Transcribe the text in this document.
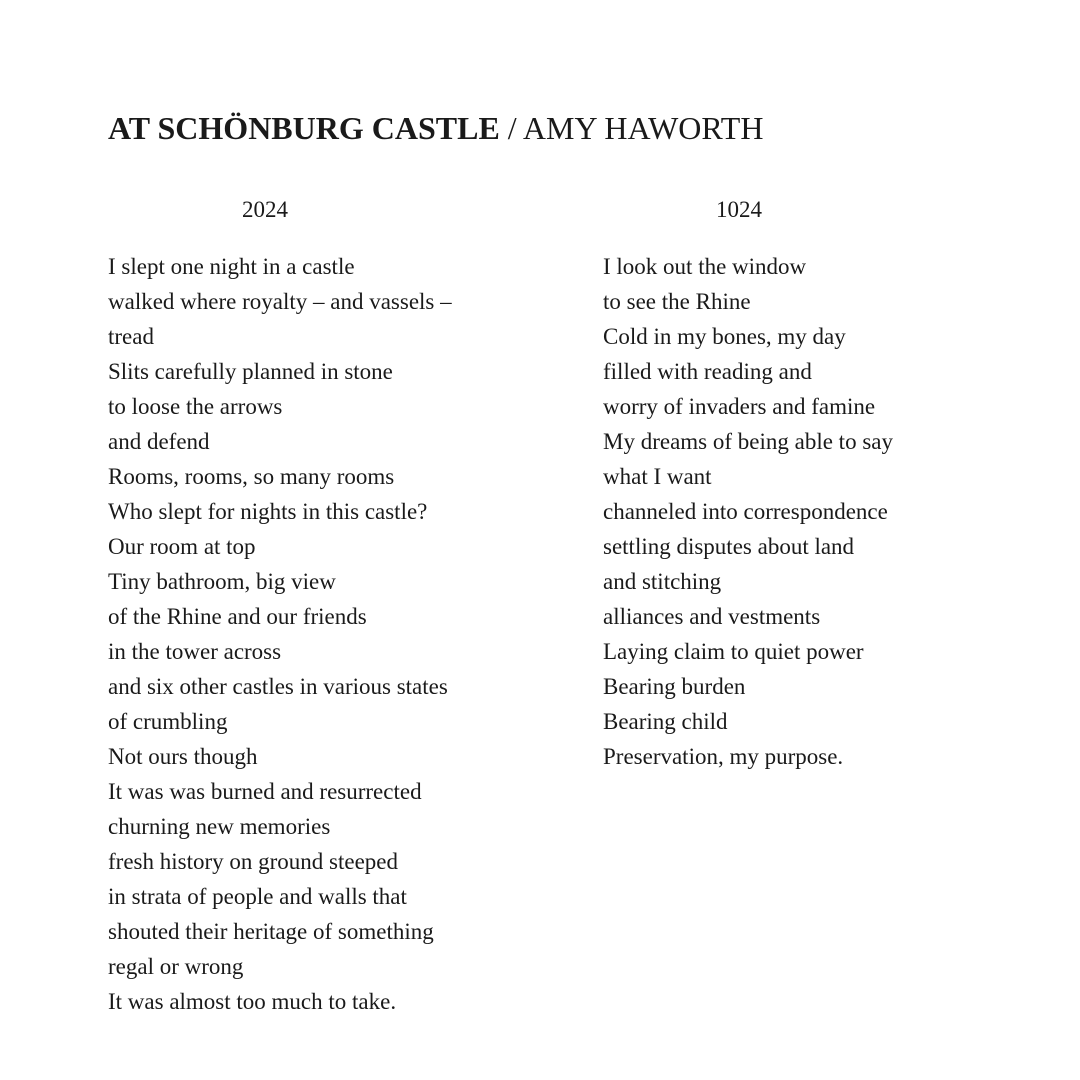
AT SCHÖNBURG CASTLE / AMY HAWORTH
2024
I slept one night in a castle
walked where royalty – and vassels –
tread
Slits carefully planned in stone
to loose the arrows
and defend
Rooms, rooms, so many rooms
Who slept for nights in this castle?
Our room at top
Tiny bathroom, big view
of the Rhine and our friends
in the tower across
and six other castles in various states
of crumbling
Not ours though
It was was burned and resurrected
churning new memories
fresh history on ground steeped
in strata of people and walls that
shouted their heritage of something
regal or wrong
It was almost too much to take.
1024
I look out the window
to see the Rhine
Cold in my bones, my day
filled with reading and
worry of invaders and famine
My dreams of being able to say
what I want
channeled into correspondence
settling disputes about land
and stitching
alliances and vestments
Laying claim to quiet power
Bearing burden
Bearing child
Preservation, my purpose.
